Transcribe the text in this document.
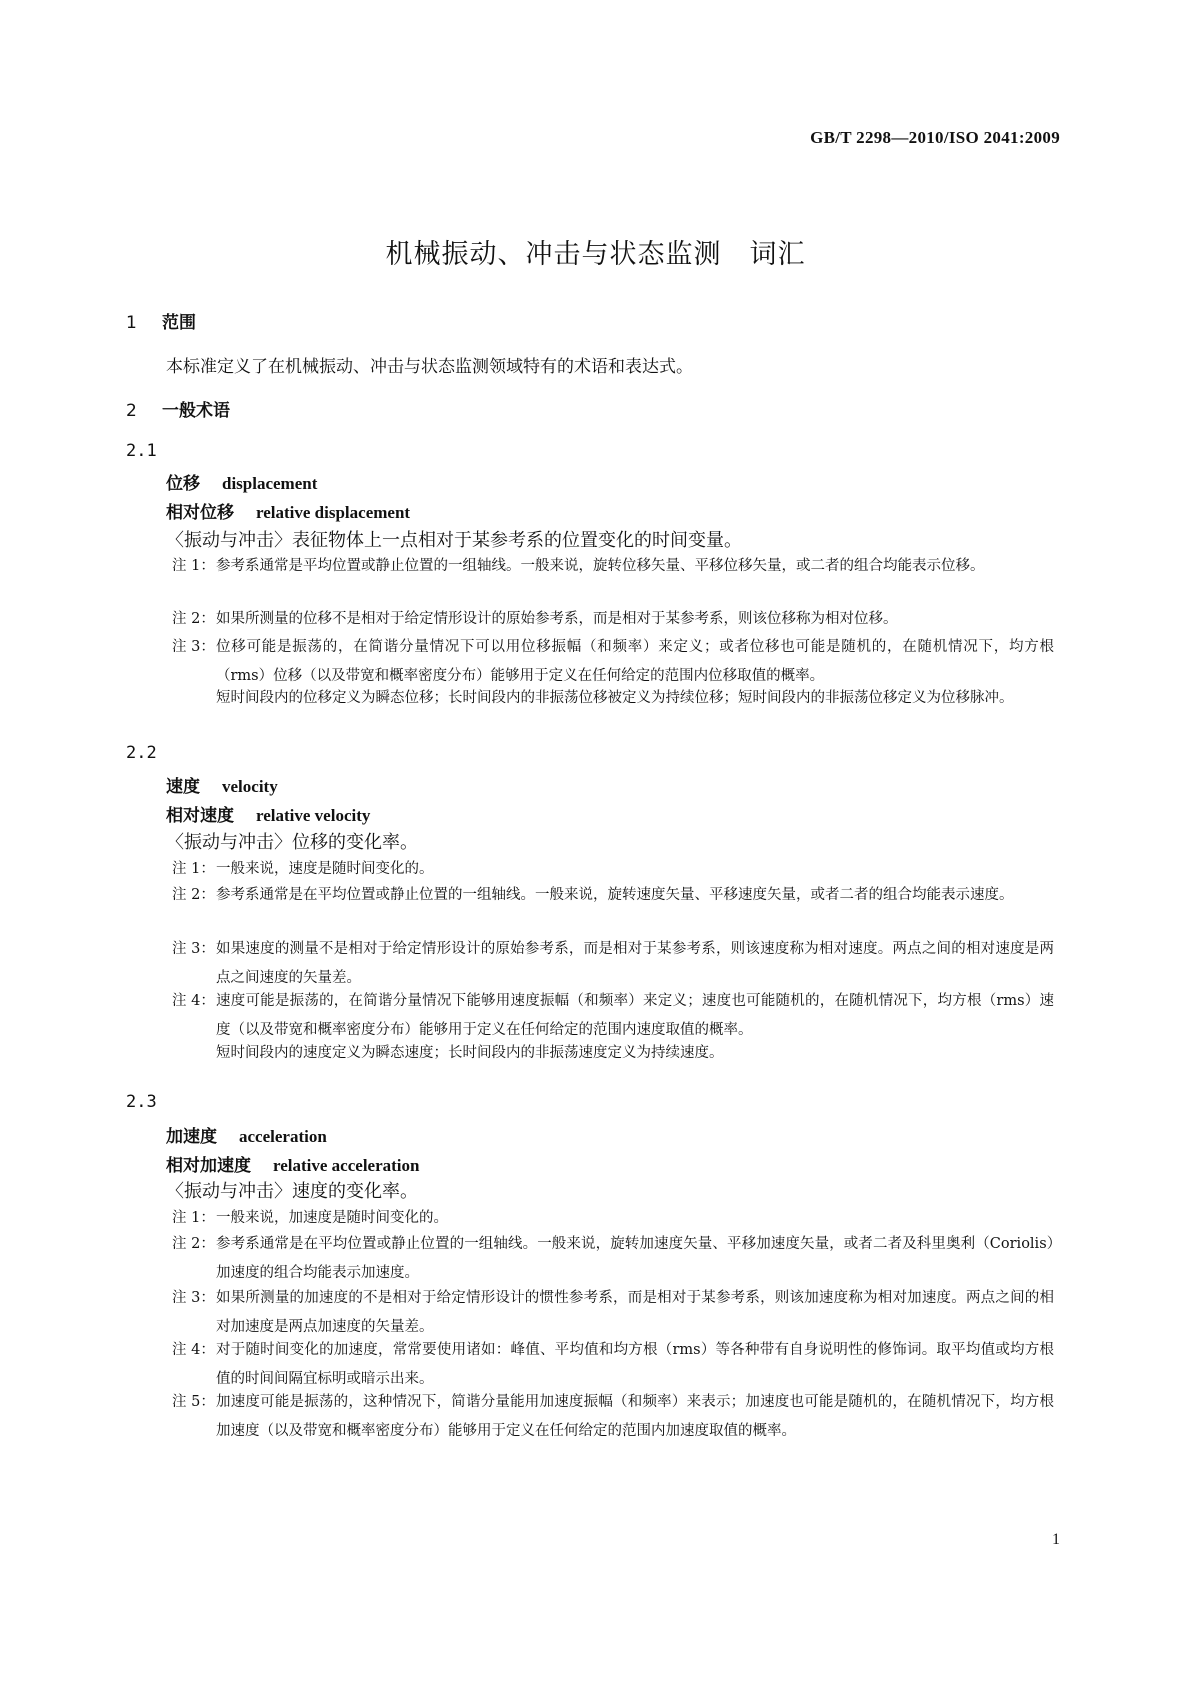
GB/T 2298—2010/ISO 2041:2009
机械振动、冲击与状态监测　词汇
1 范围
本标准定义了在机械振动、冲击与状态监测领域特有的术语和表达式。
2 一般术语
2.1
位移 displacement
相对位移 relative displacement
〈振动与冲击〉表征物体上一点相对于某参考系的位置变化的时间变量。
注 1： 参考系通常是平均位置或静止位置的一组轴线。一般来说，旋转位移矢量、平移位移矢量，或二者的组合均能表示位移。
注 2： 如果所测量的位移不是相对于给定情形设计的原始参考系，而是相对于某参考系，则该位移称为相对位移。
注 3： 位移可能是振荡的，在简谐分量情况下可以用位移振幅（和频率）来定义；或者位移也可能是随机的，在随机情况下，均方根（rms）位移（以及带宽和概率密度分布）能够用于定义在任何给定的范围内位移取值的概率。
短时间段内的位移定义为瞬态位移；长时间段内的非振荡位移被定义为持续位移；短时间段内的非振荡位移定义为位移脉冲。
2.2
速度 velocity
相对速度 relative velocity
〈振动与冲击〉位移的变化率。
注 1： 一般来说，速度是随时间变化的。
注 2： 参考系通常是在平均位置或静止位置的一组轴线。一般来说，旋转速度矢量、平移速度矢量，或者二者的组合均能表示速度。
注 3： 如果速度的测量不是相对于给定情形设计的原始参考系，而是相对于某参考系，则该速度称为相对速度。两点之间的相对速度是两点之间速度的矢量差。
注 4： 速度可能是振荡的，在简谐分量情况下能够用速度振幅（和频率）来定义；速度也可能随机的，在随机情况下，均方根（rms）速度（以及带宽和概率密度分布）能够用于定义在任何给定的范围内速度取值的概率。
短时间段内的速度定义为瞬态速度；长时间段内的非振荡速度定义为持续速度。
2.3
加速度 acceleration
相对加速度 relative acceleration
〈振动与冲击〉速度的变化率。
注 1： 一般来说，加速度是随时间变化的。
注 2： 参考系通常是在平均位置或静止位置的一组轴线。一般来说，旋转加速度矢量、平移加速度矢量，或者二者及科里奥利（Coriolis）加速度的组合均能表示加速度。
注 3： 如果所测量的加速度的不是相对于给定情形设计的惯性参考系，而是相对于某参考系，则该加速度称为相对加速度。两点之间的相对加速度是两点加速度的矢量差。
注 4： 对于随时间变化的加速度，常常要使用诸如：峰值、平均值和均方根（rms）等各种带有自身说明性的修饰词。取平均值或均方根值的时间间隔宜标明或暗示出来。
注 5： 加速度可能是振荡的，这种情况下，简谐分量能用加速度振幅（和频率）来表示；加速度也可能是随机的，在随机情况下，均方根加速度（以及带宽和概率密度分布）能够用于定义在任何给定的范围内加速度取值的概率。
1
